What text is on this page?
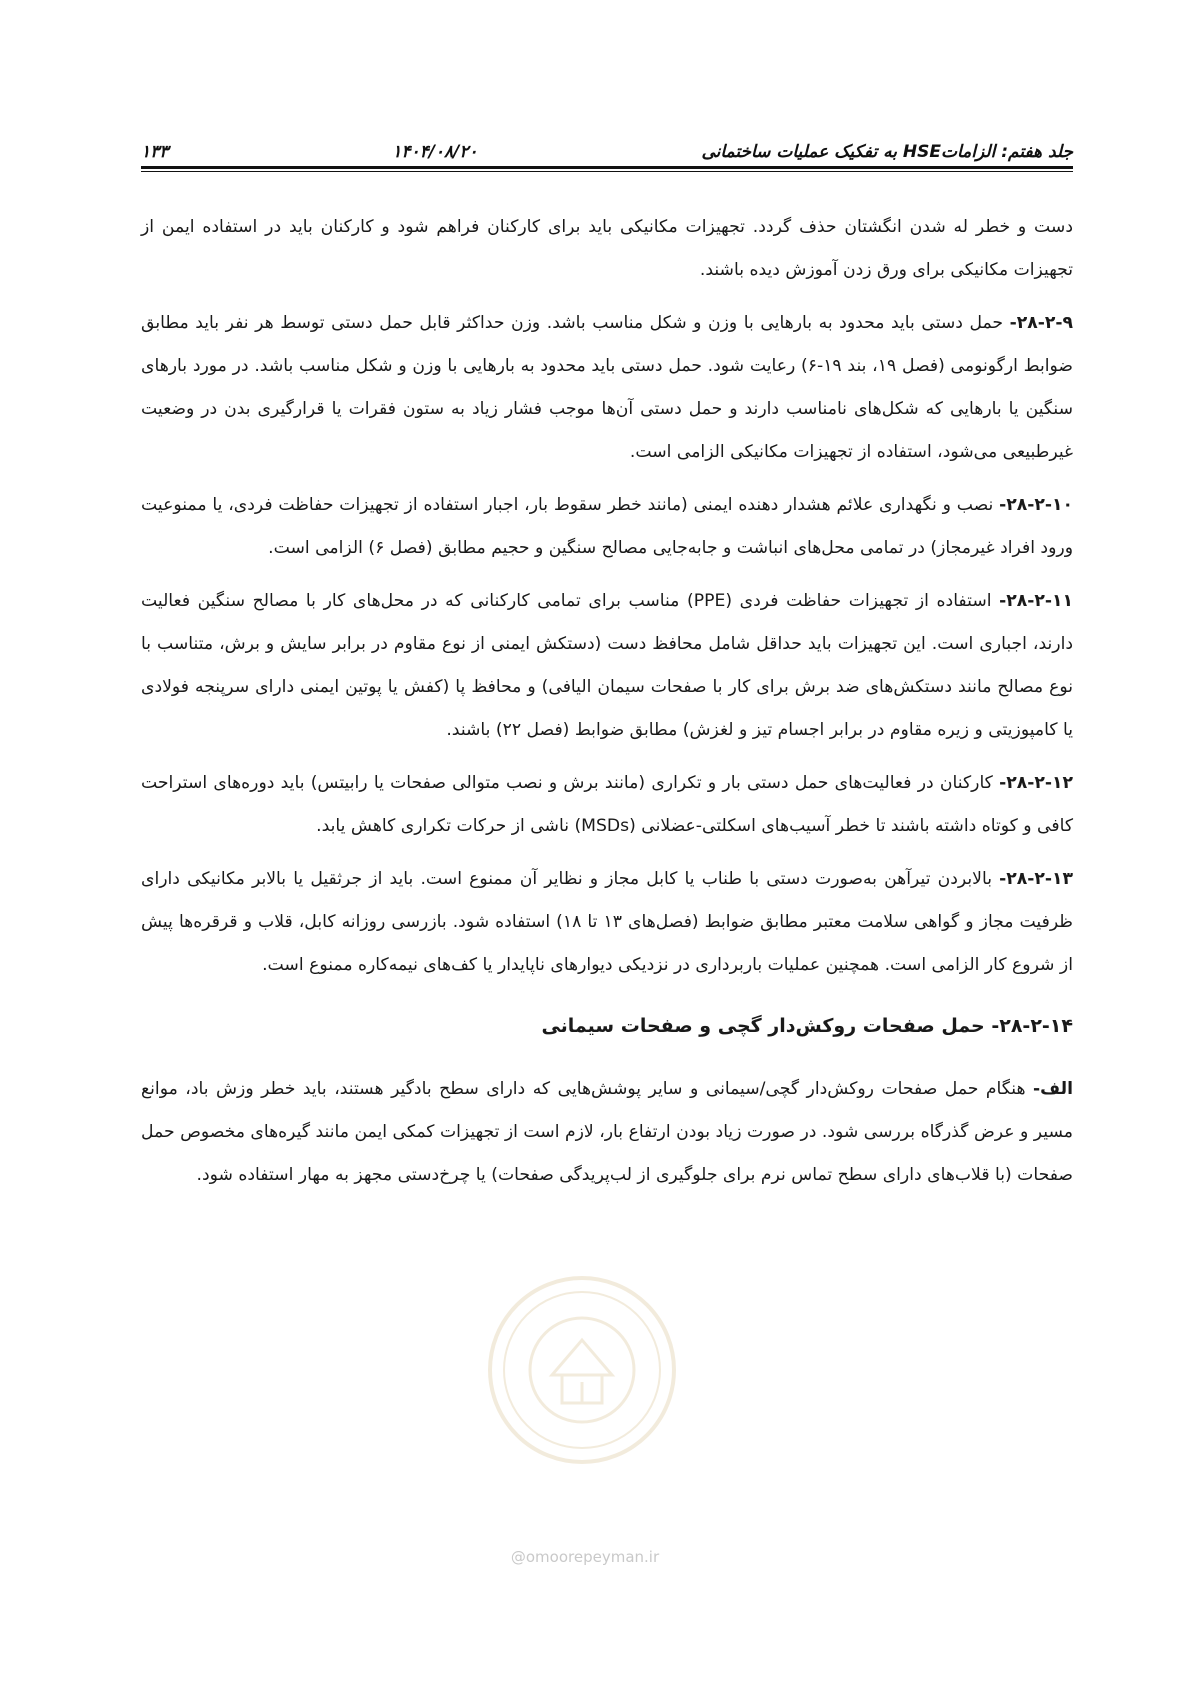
جلد هفتم: الزاماتHSE به تفکیک عملیات ساختمانی
۱۴۰۴/۰۸/۲۰
۱۳۳

دست و خطر له شدن انگشتان حذف گردد. تجهیزات مکانیکی باید برای کارکنان فراهم شود و کارکنان باید در استفاده ایمن از تجهیزات مکانیکی برای ورق زدن آموزش دیده باشند.

۲۸-۲-۹- حمل دستی باید محدود به بارهایی با وزن و شکل مناسب باشد. وزن حداکثر قابل حمل دستی توسط هر نفر باید مطابق ضوابط ارگونومی (فصل ۱۹، بند ۱۹-۶) رعایت شود. حمل دستی باید محدود به بارهایی با وزن و شکل مناسب باشد. در مورد بارهای سنگین یا بارهایی که شکل‌های نامناسب دارند و حمل دستی آن‌ها موجب فشار زیاد به ستون فقرات یا قرارگیری بدن در وضعیت غیرطبیعی می‌شود، استفاده از تجهیزات مکانیکی الزامی است.

۲۸-۲-۱۰- نصب و نگهداری علائم هشدار دهنده ایمنی (مانند خطر سقوط بار، اجبار استفاده از تجهیزات حفاظت فردی، یا ممنوعیت ورود افراد غیرمجاز) در تمامی محل‌های انباشت و جابه‌جایی مصالح سنگین و حجیم مطابق (فصل ۶) الزامی است.

۲۸-۲-۱۱- استفاده از تجهیزات حفاظت فردی (PPE) مناسب برای تمامی کارکنانی که در محل‌های کار با مصالح سنگین فعالیت دارند، اجباری است. این تجهیزات باید حداقل شامل محافظ دست (دستکش ایمنی از نوع مقاوم در برابر سایش و برش، متناسب با نوع مصالح مانند دستکش‌های ضد برش برای کار با صفحات سیمان الیافی) و محافظ پا (کفش یا پوتین ایمنی دارای سرپنجه فولادی یا کامپوزیتی و زیره مقاوم در برابر اجسام تیز و لغزش) مطابق ضوابط (فصل ۲۲) باشند.

۲۸-۲-۱۲- کارکنان در فعالیت‌های حمل دستی بار و تکراری (مانند برش و نصب متوالی صفحات یا رابیتس) باید دوره‌های استراحت کافی و کوتاه داشته باشند تا خطر آسیب‌های اسکلتی-عضلانی (MSDs) ناشی از حرکات تکراری کاهش یابد.

۲۸-۲-۱۳- بالابردن تیرآهن به‌صورت دستی با طناب یا کابل مجاز و نظایر آن ممنوع است. باید از جرثقیل یا بالابر مکانیکی دارای ظرفیت مجاز و گواهی سلامت معتبر مطابق ضوابط (فصل‌های ۱۳ تا ۱۸) استفاده شود. بازرسی روزانه کابل، قلاب و قرقره‌ها پیش از شروع کار الزامی است. همچنین عملیات باربرداری در نزدیکی دیوارهای ناپایدار یا کف‌های نیمه‌کاره ممنوع است.

۲۸-۲-۱۴- حمل صفحات روکش‌دار گچی و صفحات سیمانی

الف- هنگام حمل صفحات روکش‌دار گچی/سیمانی و سایر پوشش‌هایی که دارای سطح بادگیر هستند، باید خطر وزش باد، موانع مسیر و عرض گذرگاه بررسی شود. در صورت زیاد بودن ارتفاع بار، لازم است از تجهیزات کمکی ایمن مانند گیره‌های مخصوص حمل صفحات (با قلاب‌های دارای سطح تماس نرم برای جلوگیری از لب‌پریدگی صفحات) یا چرخ‌دستی مجهز به مهار استفاده شود.

@omoorepeyman.ir
